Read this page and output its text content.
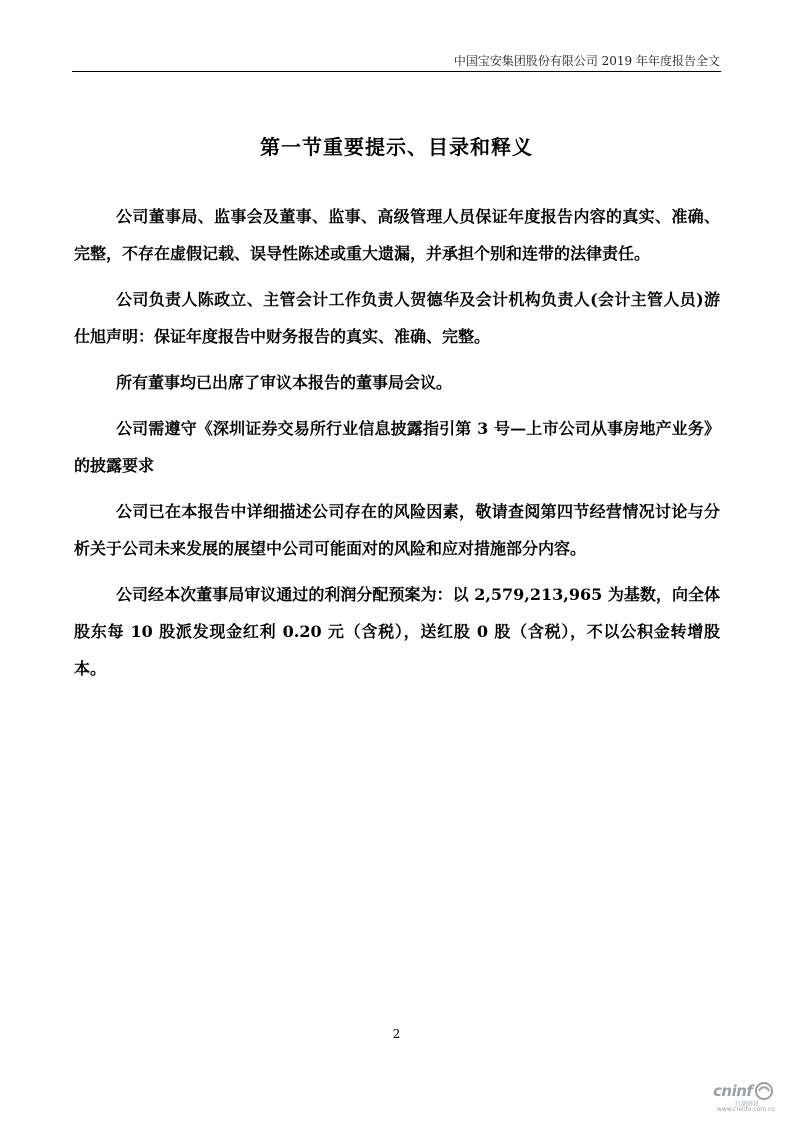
中国宝安集团股份有限公司 2019 年年度报告全文
第一节重要提示、目录和释义

公司董事局、监事会及董事、监事、高级管理人员保证年度报告内容的真实、准确、完整，不存在虚假记载、误导性陈述或重大遗漏，并承担个别和连带的法律责任。

公司负责人陈政立、主管会计工作负责人贺德华及会计机构负责人(会计主管人员)游仕旭声明：保证年度报告中财务报告的真实、准确、完整。

所有董事均已出席了审议本报告的董事局会议。

公司需遵守《深圳证券交易所行业信息披露指引第 3 号—上市公司从事房地产业务》的披露要求

公司已在本报告中详细描述公司存在的风险因素，敬请查阅第四节经营情况讨论与分析关于公司未来发展的展望中公司可能面对的风险和应对措施部分内容。

公司经本次董事局审议通过的利润分配预案为：以 2,579,213,965 为基数，向全体股东每 10 股派发现金红利 0.20 元（含税），送红股 0 股（含税），不以公积金转增股本。

2
cninf
巨潮资讯
www.cninfo.com.cn
